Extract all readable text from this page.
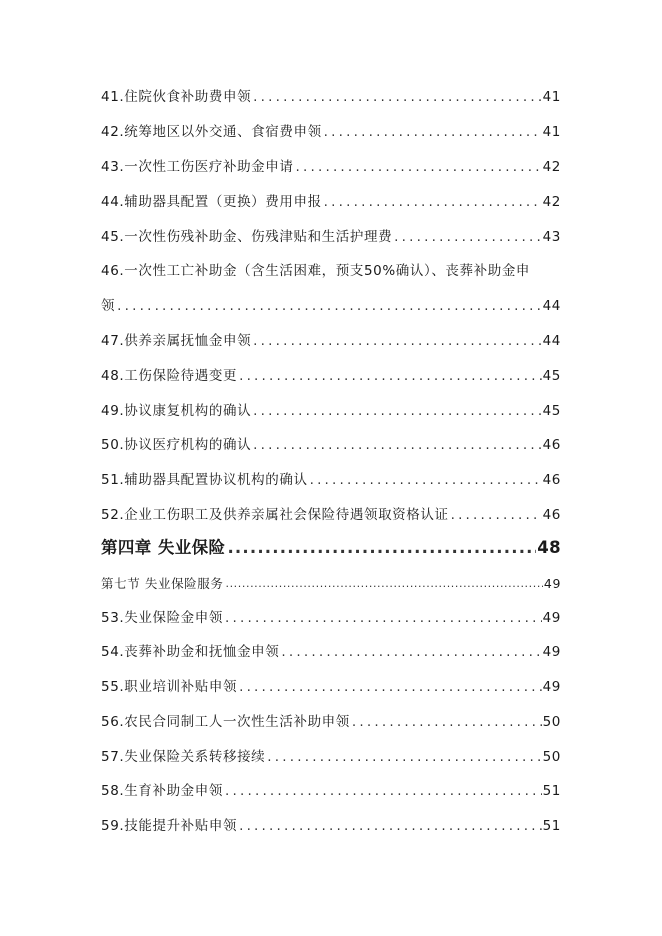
41.住院伙食补助费申领 .....	41
42.统筹地区以外交通、食宿费申领 .....	41
43.一次性工伤医疗补助金申请 .....	42
44.辅助器具配置（更换）费用申报 .....	42
45.一次性伤残补助金、伤残津贴和生活护理费 .....	43
46.一次性工亡补助金（含生活困难，预支50%确认）、丧葬补助金申
领 .....	44
47.供养亲属抚恤金申领 .....	44
48.工伤保险待遇变更 .....	45
49.协议康复机构的确认 .....	45
50.协议医疗机构的确认 .....	46
51.辅助器具配置协议机构的确认 .....	46
52.企业工伤职工及供养亲属社会保险待遇领取资格认证 .....	46
第四章 失业保险 .....	48
第七节 失业保险服务 .....	49
53.失业保险金申领 .....	49
54.丧葬补助金和抚恤金申领 .....	49
55.职业培训补贴申领 .....	49
56.农民合同制工人一次性生活补助申领 .....	50
57.失业保险关系转移接续 .....	50
58.生育补助金申领 .....	51
59.技能提升补贴申领 .....	51
